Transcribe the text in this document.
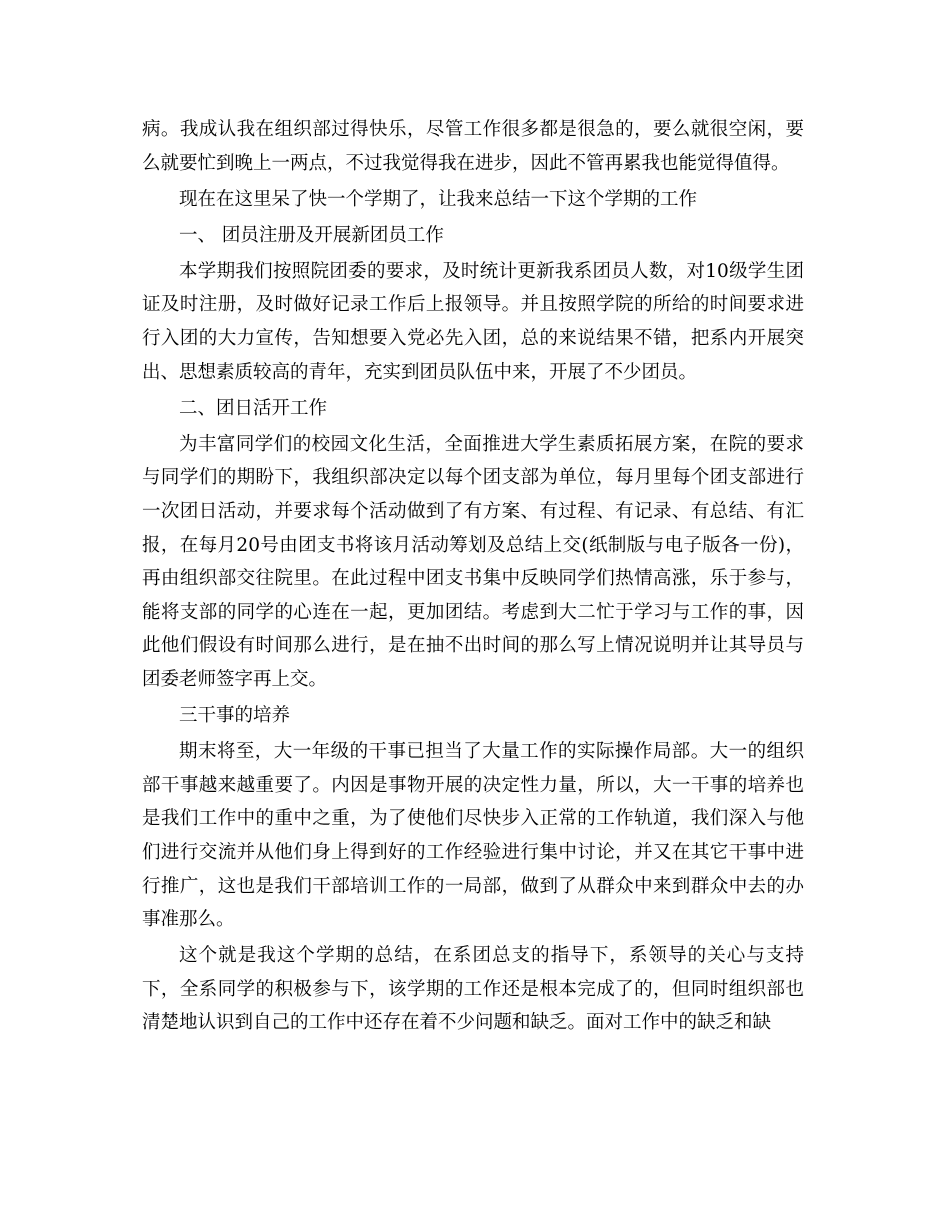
病。我成认我在组织部过得快乐，尽管工作很多都是很急的，要么就很空闲，要么就要忙到晚上一两点，不过我觉得我在进步，因此不管再累我也能觉得值得。

现在在这里呆了快一个学期了，让我来总结一下这个学期的工作

一、 团员注册及开展新团员工作

本学期我们按照院团委的要求，及时统计更新我系团员人数，对10级学生团证及时注册，及时做好记录工作后上报领导。并且按照学院的所给的时间要求进行入团的大力宣传，告知想要入党必先入团，总的来说结果不错，把系内开展突出、思想素质较高的青年，充实到团员队伍中来，开展了不少团员。

二、团日活开工作

为丰富同学们的校园文化生活，全面推进大学生素质拓展方案，在院的要求与同学们的期盼下，我组织部决定以每个团支部为单位，每月里每个团支部进行一次团日活动，并要求每个活动做到了有方案、有过程、有记录、有总结、有汇报，在每月20号由团支书将该月活动筹划及总结上交(纸制版与电子版各一份)，再由组织部交往院里。在此过程中团支书集中反映同学们热情高涨，乐于参与，能将支部的同学的心连在一起，更加团结。考虑到大二忙于学习与工作的事，因此他们假设有时间那么进行，是在抽不出时间的那么写上情况说明并让其导员与团委老师签字再上交。

三干事的培养

期末将至，大一年级的干事已担当了大量工作的实际操作局部。大一的组织部干事越来越重要了。内因是事物开展的决定性力量，所以，大一干事的培养也是我们工作中的重中之重，为了使他们尽快步入正常的工作轨道，我们深入与他们进行交流并从他们身上得到好的工作经验进行集中讨论，并又在其它干事中进行推广，这也是我们干部培训工作的一局部，做到了从群众中来到群众中去的办事准那么。

这个就是我这个学期的总结，在系团总支的指导下，系领导的关心与支持下，全系同学的积极参与下，该学期的工作还是根本完成了的，但同时组织部也清楚地认识到自己的工作中还存在着不少问题和缺乏。面对工作中的缺乏和缺
